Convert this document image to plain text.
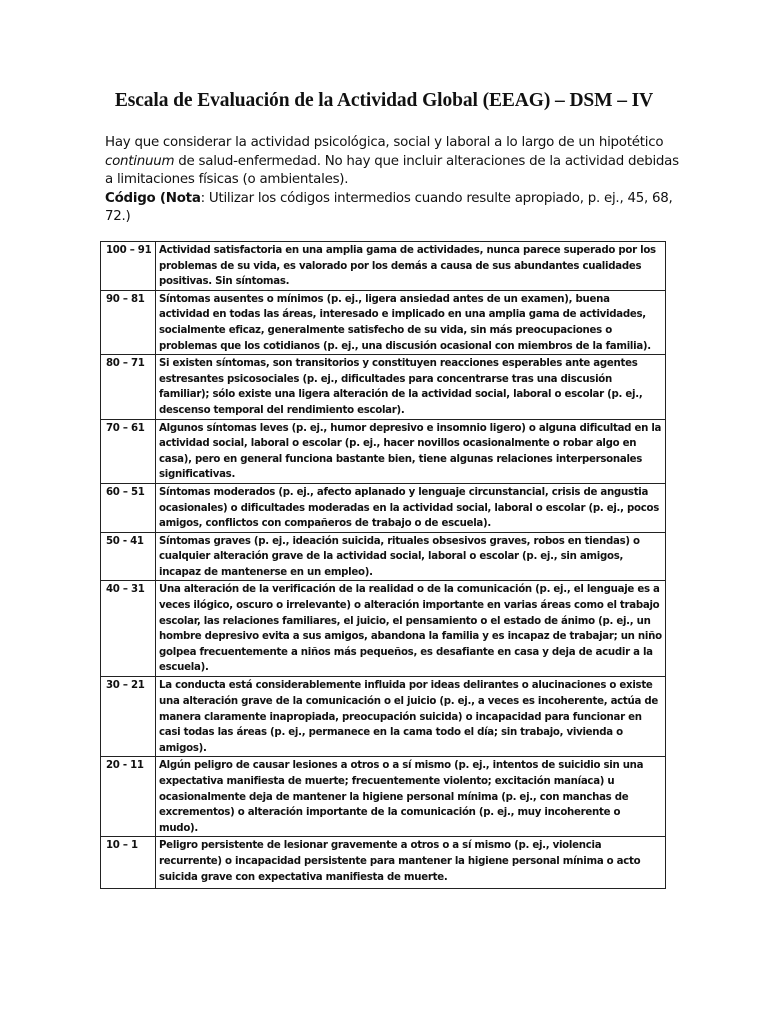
Escala de Evaluación de la Actividad Global (EEAG) – DSM – IV

Hay que considerar la actividad psicológica, social y laboral a lo largo de un hipotético continuum de salud-enfermedad. No hay que incluir alteraciones de la actividad debidas a limitaciones físicas (o ambientales).

Código (Nota: Utilizar los códigos intermedios cuando resulte apropiado, p. ej., 45, 68, 72.)

100 – 91	Actividad satisfactoria en una amplia gama de actividades, nunca parece superado por los problemas de su vida, es valorado por los demás a causa de sus abundantes cualidades positivas. Sin síntomas.
90 – 81	Síntomas ausentes o mínimos (p. ej., ligera ansiedad antes de un examen), buena actividad en todas las áreas, interesado e implicado en una amplia gama de actividades, socialmente eficaz, generalmente satisfecho de su vida, sin más preocupaciones o problemas que los cotidianos (p. ej., una discusión ocasional con miembros de la familia).
80 – 71	Si existen síntomas, son transitorios y constituyen reacciones esperables ante agentes estresantes psicosociales (p. ej., dificultades para concentrarse tras una discusión familiar); sólo existe una ligera alteración de la actividad social, laboral o escolar (p. ej., descenso temporal del rendimiento escolar).
70 – 61	Algunos síntomas leves (p. ej., humor depresivo e insomnio ligero) o alguna dificultad en la actividad social, laboral o escolar (p. ej., hacer novillos ocasionalmente o robar algo en casa), pero en general funciona bastante bien, tiene algunas relaciones interpersonales significativas.
60 – 51	Síntomas moderados (p. ej., afecto aplanado y lenguaje circunstancial, crisis de angustia ocasionales) o dificultades moderadas en la actividad social, laboral o escolar (p. ej., pocos amigos, conflictos con compañeros de trabajo o de escuela).
50 - 41	Síntomas graves (p. ej., ideación suicida, rituales obsesivos graves, robos en tiendas) o cualquier alteración grave de la actividad social, laboral o escolar (p. ej., sin amigos, incapaz de mantenerse en un empleo).
40 – 31	Una alteración de la verificación de la realidad o de la comunicación (p. ej., el lenguaje es a veces ilógico, oscuro o irrelevante) o alteración importante en varias áreas como el trabajo escolar, las relaciones familiares, el juicio, el pensamiento o el estado de ánimo (p. ej., un hombre depresivo evita a sus amigos, abandona la familia y es incapaz de trabajar; un niño golpea frecuentemente a niños más pequeños, es desafiante en casa y deja de acudir a la escuela).
30 – 21	La conducta está considerablemente influida por ideas delirantes o alucinaciones o existe una alteración grave de la comunicación o el juicio (p. ej., a veces es incoherente, actúa de manera claramente inapropiada, preocupación suicida) o incapacidad para funcionar en casi todas las áreas (p. ej., permanece en la cama todo el día; sin trabajo, vivienda o amigos).
20 - 11	Algún peligro de causar lesiones a otros o a sí mismo (p. ej., intentos de suicidio sin una expectativa manifiesta de muerte; frecuentemente violento; excitación maníaca) u ocasionalmente deja de mantener la higiene personal mínima (p. ej., con manchas de excrementos) o alteración importante de la comunicación (p. ej., muy incoherente o mudo).
10 – 1	Peligro persistente de lesionar gravemente a otros o a sí mismo (p. ej., violencia recurrente) o incapacidad persistente para mantener la higiene personal mínima o acto suicida grave con expectativa manifiesta de muerte.
